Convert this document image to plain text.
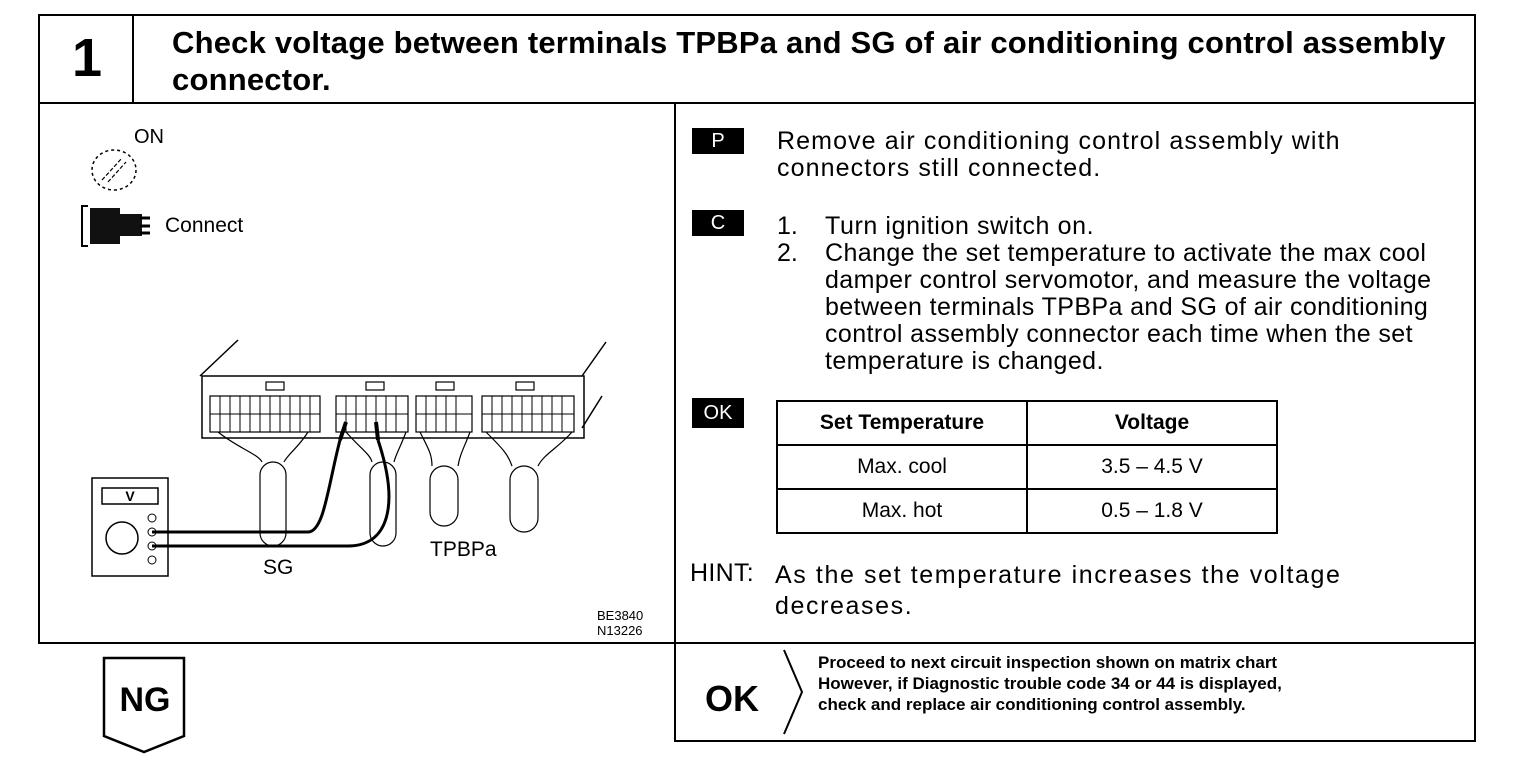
1	Check voltage between terminals TPBPa and SG of air conditioning control assembly connector.
ON
Connect
V
SG
TPBPa
BE3840
N13226
P	Remove air conditioning control assembly with connectors still connected.
C	1. Turn ignition switch on.
2. Change the set temperature to activate the max cool damper control servomotor, and measure the voltage between terminals TPBPa and SG of air conditioning control assembly connector each time when the set temperature is changed.
OK	Set Temperature	Voltage
Max. cool	3.5 – 4.5 V
Max. hot	0.5 – 1.8 V
HINT: As the set temperature increases the voltage decreases.
OK
Proceed to next circuit inspection shown on matrix chart
However, if Diagnostic trouble code 34 or 44 is displayed,
check and replace air conditioning control assembly.
NG
